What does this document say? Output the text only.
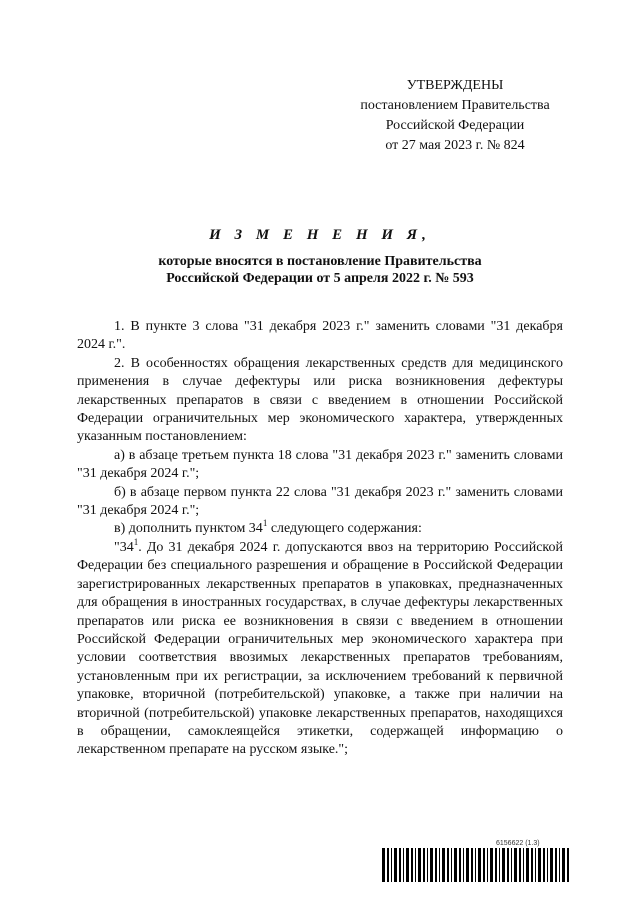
УТВЕРЖДЕНЫ
постановлением Правительства
Российской Федерации
от 27 мая 2023 г. № 824
И З М Е Н Е Н И Я,
которые вносятся в постановление Правительства
Российской Федерации от 5 апреля 2022 г. № 593

1. В пункте 3 слова "31 декабря 2023 г." заменить словами "31 декабря 2024 г.".

2. В особенностях обращения лекарственных средств для медицинского применения в случае дефектуры или риска возникновения дефектуры лекарственных препаратов в связи с введением в отношении Российской Федерации ограничительных мер экономического характера, утвержденных указанным постановлением:

а) в абзаце третьем пункта 18 слова "31 декабря 2023 г." заменить словами "31 декабря 2024 г.";

б) в абзаце первом пункта 22 слова "31 декабря 2023 г." заменить словами "31 декабря 2024 г.";

в) дополнить пунктом $34^1$ следующего содержания:

"$34^1$. До 31 декабря 2024 г. допускаются ввоз на территорию Российской Федерации без специального разрешения и обращение в Российской Федерации зарегистрированных лекарственных препаратов в упаковках, предназначенных для обращения в иностранных государствах, в случае дефектуры лекарственных препаратов или риска ее возникновения в связи с введением в отношении Российской Федерации ограничительных мер экономического характера при условии соответствия ввозимых лекарственных препаратов требованиям, установленным при их регистрации, за исключением требований к первичной упаковке, вторичной (потребительской) упаковке, а также при наличии на вторичной (потребительской) упаковке лекарственных препаратов, находящихся в обращении, самоклеящейся этикетки, содержащей информацию о лекарственном препарате на русском языке.";

6156622 (1.3)
